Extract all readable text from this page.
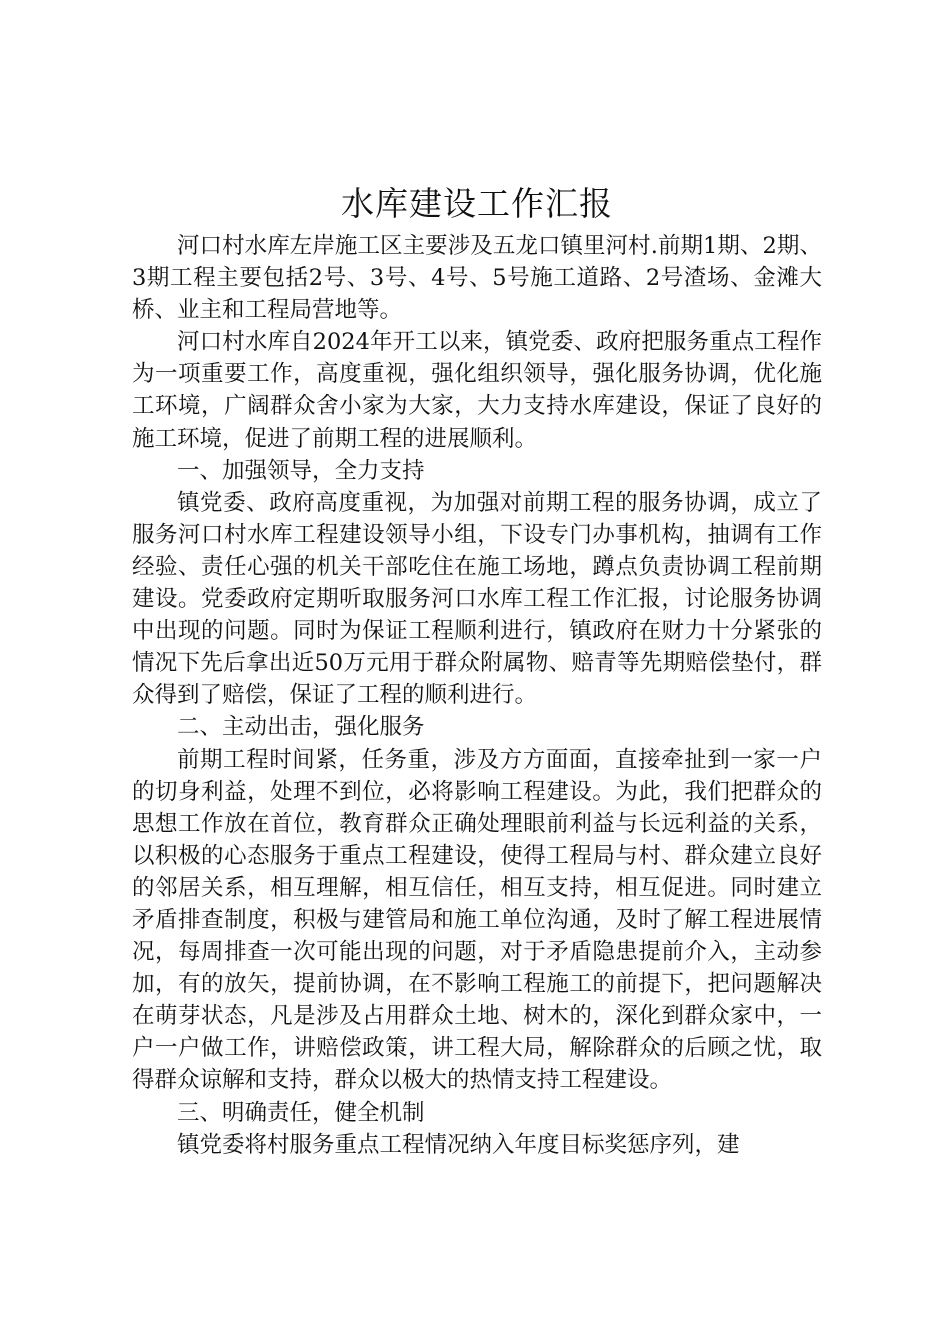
水库建设工作汇报

河口村水库左岸施工区主要涉及五龙口镇里河村.前期1期、2期、3期工程主要包括2号、3号、4号、5号施工道路、2号渣场、金滩大桥、业主和工程局营地等。

河口村水库自2024年开工以来，镇党委、政府把服务重点工程作为一项重要工作，高度重视，强化组织领导，强化服务协调，优化施工环境，广阔群众舍小家为大家，大力支持水库建设，保证了良好的施工环境，促进了前期工程的进展顺利。

一、加强领导，全力支持

镇党委、政府高度重视，为加强对前期工程的服务协调，成立了服务河口村水库工程建设领导小组，下设专门办事机构，抽调有工作经验、责任心强的机关干部吃住在施工场地，蹲点负责协调工程前期建设。党委政府定期听取服务河口水库工程工作汇报，讨论服务协调中出现的问题。同时为保证工程顺利进行，镇政府在财力十分紧张的情况下先后拿出近50万元用于群众附属物、赔青等先期赔偿垫付，群众得到了赔偿，保证了工程的顺利进行。

二、主动出击，强化服务

前期工程时间紧，任务重，涉及方方面面，直接牵扯到一家一户的切身利益，处理不到位，必将影响工程建设。为此，我们把群众的思想工作放在首位，教育群众正确处理眼前利益与长远利益的关系，以积极的心态服务于重点工程建设，使得工程局与村、群众建立良好的邻居关系，相互理解，相互信任，相互支持，相互促进。同时建立矛盾排查制度，积极与建管局和施工单位沟通，及时了解工程进展情况，每周排查一次可能出现的问题，对于矛盾隐患提前介入，主动参加，有的放矢，提前协调，在不影响工程施工的前提下，把问题解决在萌芽状态，凡是涉及占用群众土地、树木的，深化到群众家中，一户一户做工作，讲赔偿政策，讲工程大局，解除群众的后顾之忧，取得群众谅解和支持，群众以极大的热情支持工程建设。

三、明确责任，健全机制

镇党委将村服务重点工程情况纳入年度目标奖惩序列，建
